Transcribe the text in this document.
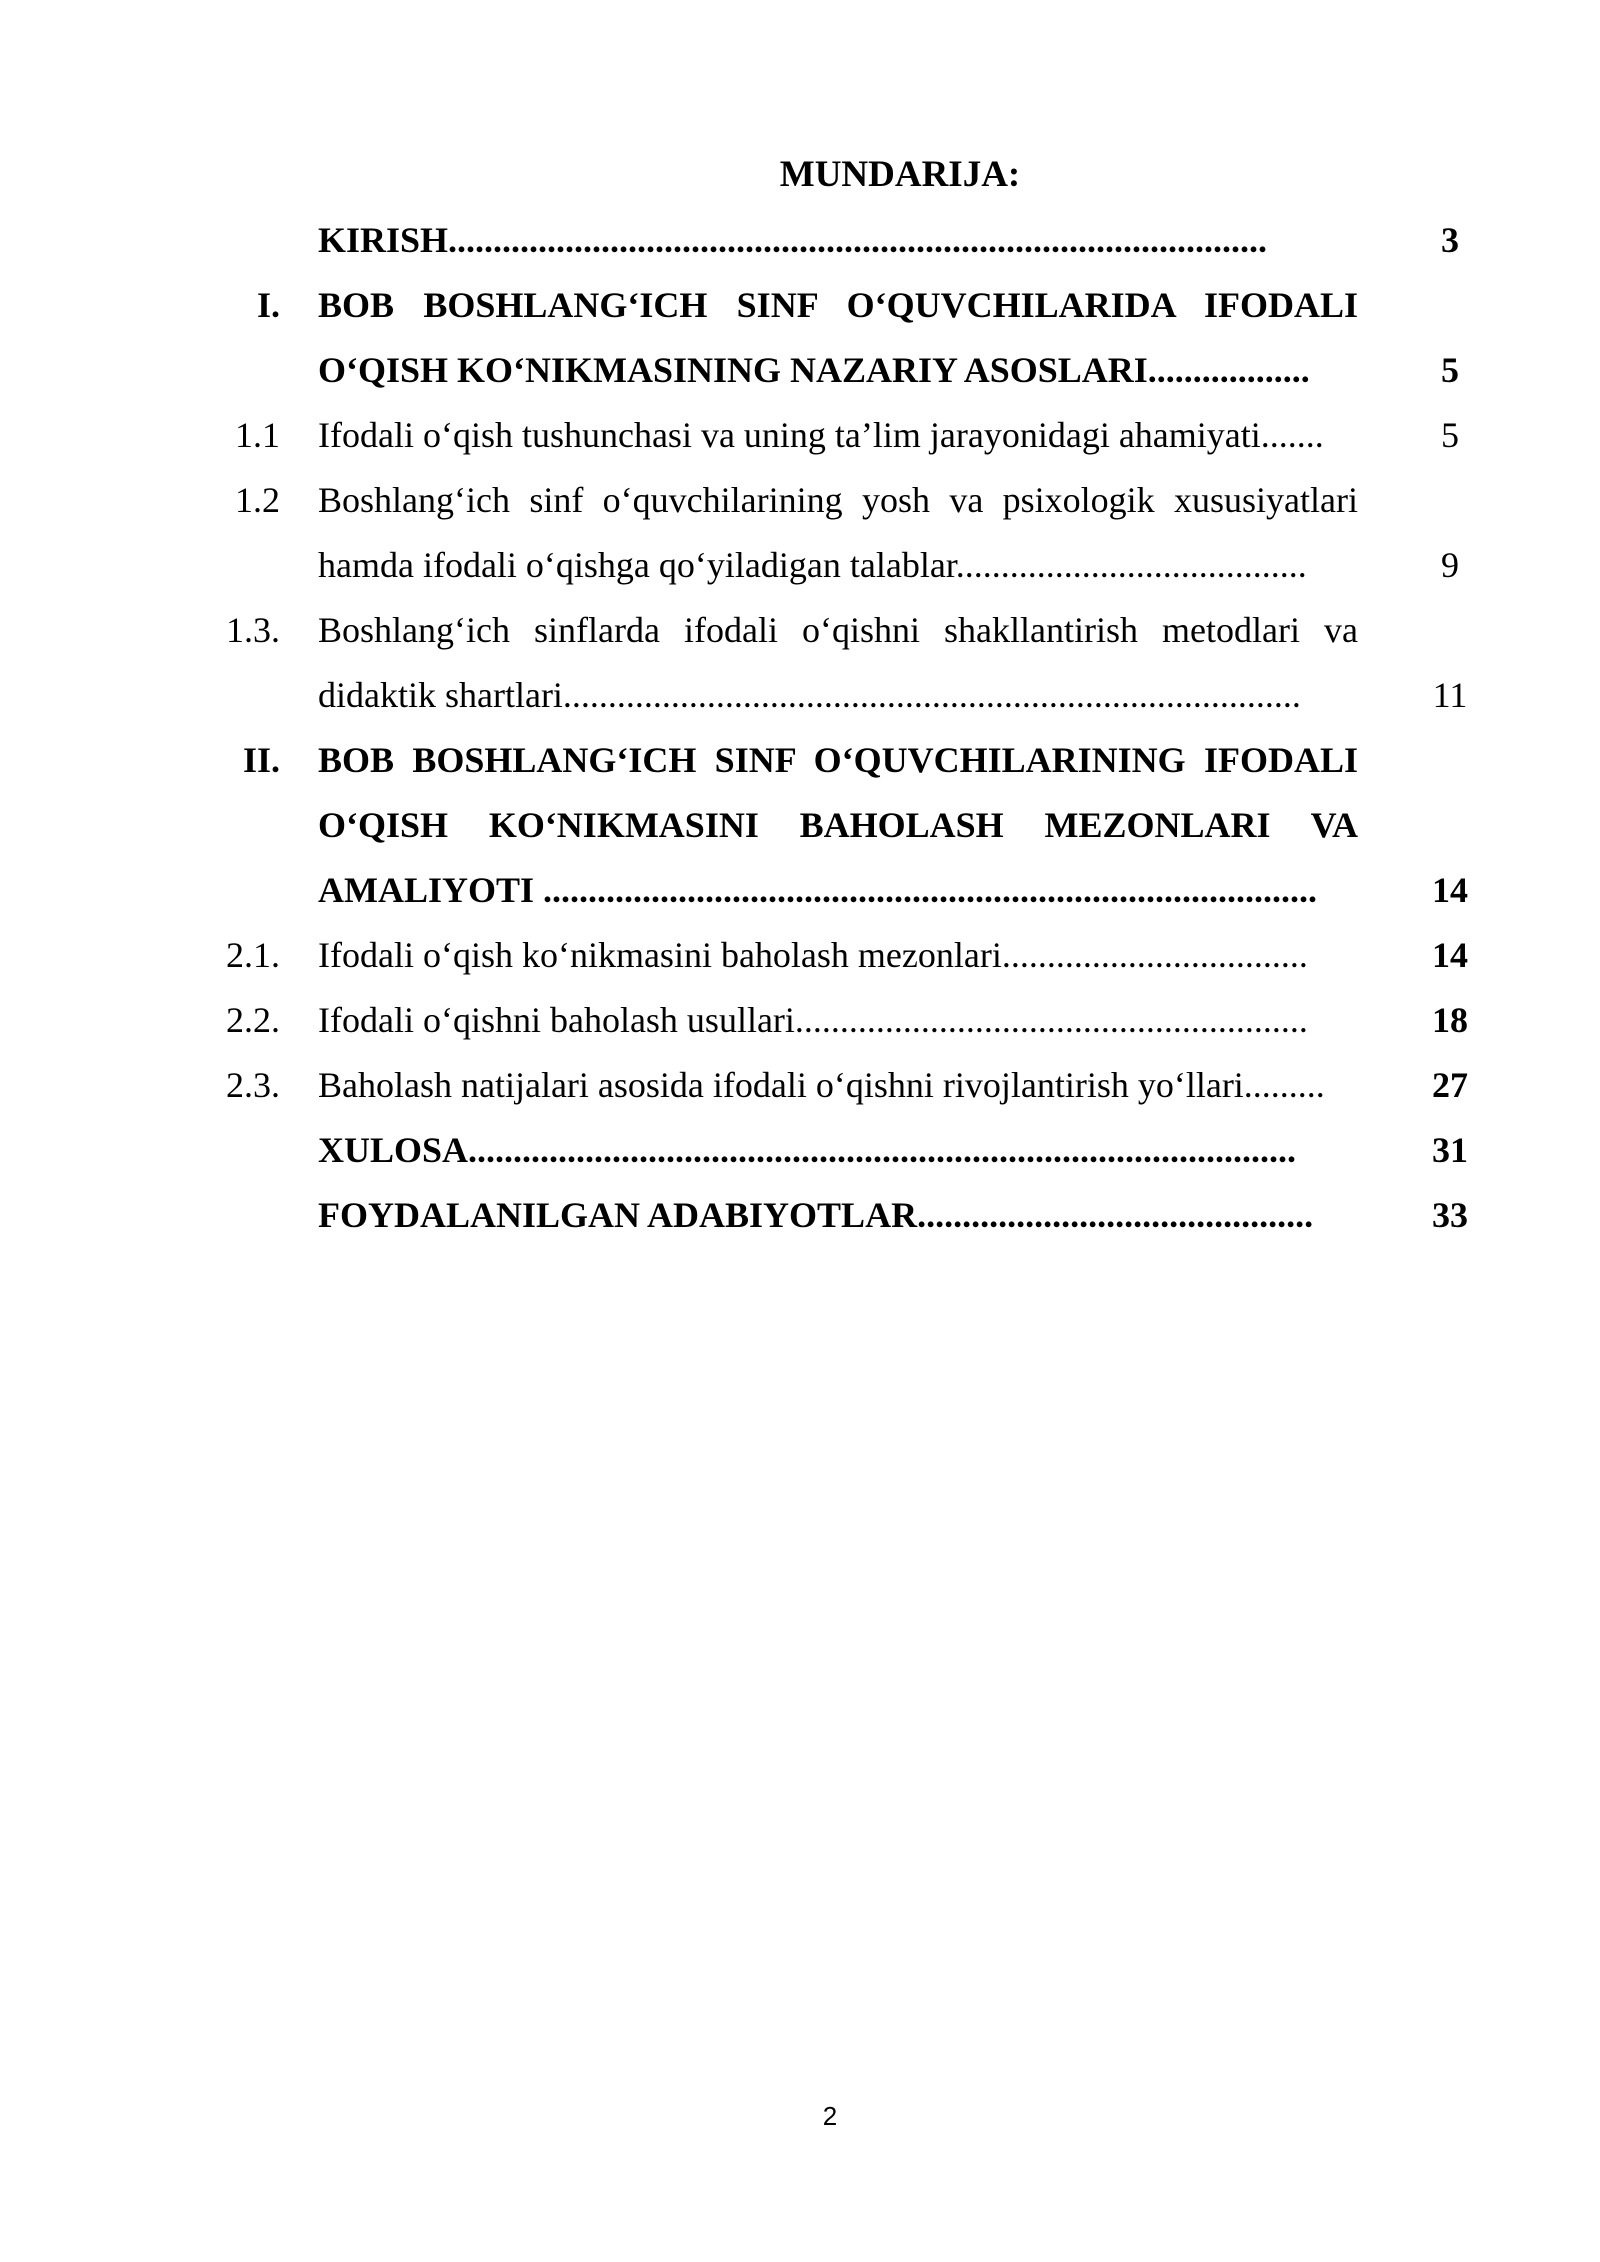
MUNDARIJA:
KIRISH...........................................................................................	3
I. BOB BOSHLANG‘ICH SINF O‘QUVCHILARIDA IFODALI
O‘QISH KO‘NIKMASINING NAZARIY ASOSLARI..................	5
1.1 Ifodali o‘qish tushunchasi va uning ta’lim jarayonidagi ahamiyati.......	5
1.2 Boshlang‘ich sinf o‘quvchilarining yosh va psixologik xususiyatlari
hamda ifodali o‘qishga qo‘yiladigan talablar.......................................	9
1.3. Boshlang‘ich sinflarda ifodali o‘qishni shakllantirish metodlari va
didaktik shartlari..................................................................................	11
II. BOB BOSHLANG‘ICH SINF O‘QUVCHILARINING IFODALI
O‘QISH KO‘NIKMASINI BAHOLASH MEZONLARI VA
AMALIYOTI ......................................................................................	14
2.1. Ifodali o‘qish ko‘nikmasini baholash mezonlari..................................	14
2.2. Ifodali o‘qishni baholash usullari.........................................................	18
2.3. Baholash natijalari asosida ifodali o‘qishni rivojlantirish yo‘llari.........	27
XULOSA............................................................................................	31
FOYDALANILGAN ADABIYOTLAR............................................	33
2
